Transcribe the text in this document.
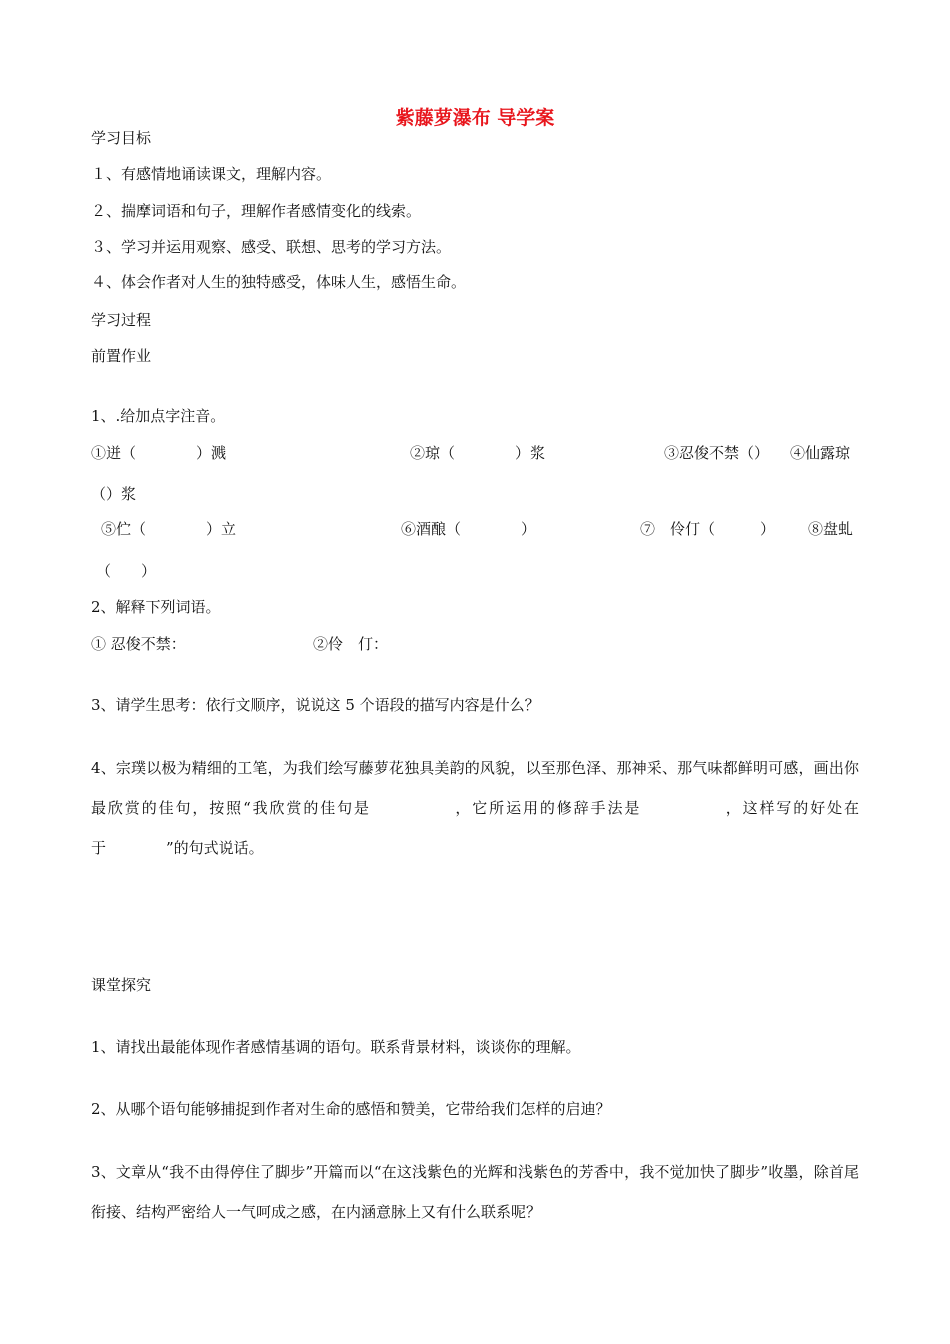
紫藤萝瀑布 导学案
学习目标
１、有感情地诵读课文，理解内容。
２、揣摩词语和句子，理解作者感情变化的线索。
３、学习并运用观察、感受、联想、思考的学习方法。
４、体会作者对人生的独特感受，体味人生，感悟生命。
学习过程
前置作业
1、.给加点字注音。
①迸（　　　　）溅	②琼（　　　　）浆	③忍俊不禁（） ④仙露琼
（）浆
⑤伫（　　　　）立	⑥酒酿（　　　　）	⑦　伶仃（　　　） ⑧盘虬
（　　）
2、解释下列词语。
① 忍俊不禁：	②伶　仃：
3、请学生思考：依行文顺序，说说这 5 个语段的描写内容是什么？
4、宗璞以极为精细的工笔，为我们绘写藤萝花独具美韵的风貌，以至那色泽、那神采、那气味都鲜明可感，画出你最欣赏的佳句，按照“我欣赏的佳句是　　　　　，它所运用的修辞手法是　　　　　，这样写的好处在于　　　　”的句式说话。
课堂探究
1、请找出最能体现作者感情基调的语句。联系背景材料，谈谈你的理解。
2、从哪个语句能够捕捉到作者对生命的感悟和赞美，它带给我们怎样的启迪？
3、文章从“我不由得停住了脚步”开篇而以“在这浅紫色的光辉和浅紫色的芳香中，我不觉加快了脚步”收墨，除首尾衔接、结构严密给人一气呵成之感，在内涵意脉上又有什么联系呢？
